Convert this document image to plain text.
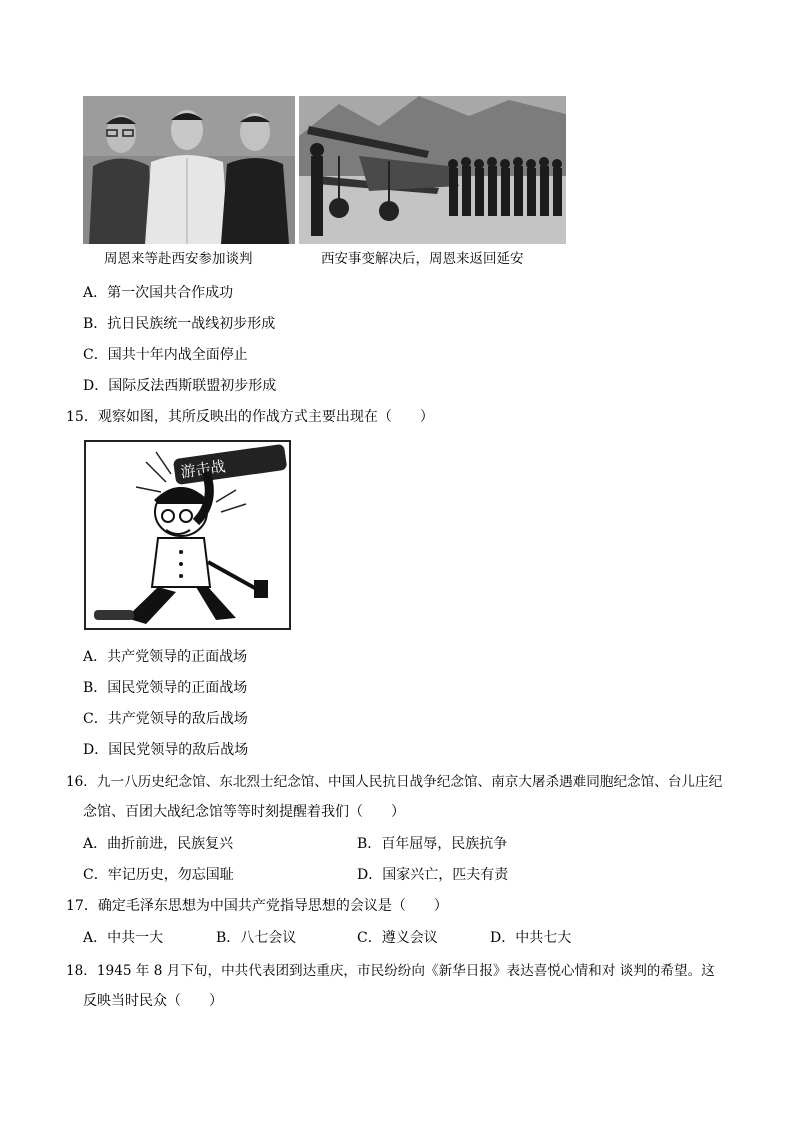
周恩来等赴西安参加谈判	西安事变解决后，周恩来返回延安
A．第一次国共合作成功
B．抗日民族统一战线初步形成
C．国共十年内战全面停止
D．国际反法西斯联盟初步形成
15．观察如图，其所反映出的作战方式主要出现在（　　）
游击战
A．共产党领导的正面战场
B．国民党领导的正面战场
C．共产党领导的敌后战场
D．国民党领导的敌后战场
16．九一八历史纪念馆、东北烈士纪念馆、中国人民抗日战争纪念馆、南京大屠杀遇难同胞纪念馆、台儿庄纪
念馆、百团大战纪念馆等等时刻提醒着我们（　　）
A．曲折前进，民族复兴	B．百年屈辱，民族抗争
C．牢记历史，勿忘国耻	D．国家兴亡，匹夫有责
17．确定毛泽东思想为中国共产党指导思想的会议是（　　）
A．中共一大	B．八七会议	C．遵义会议	D．中共七大
18．1945 年 8 月下旬，中共代表团到达重庆，市民纷纷向《新华日报》表达喜悦心情和对 谈判的希望。这
反映当时民众（　　）
